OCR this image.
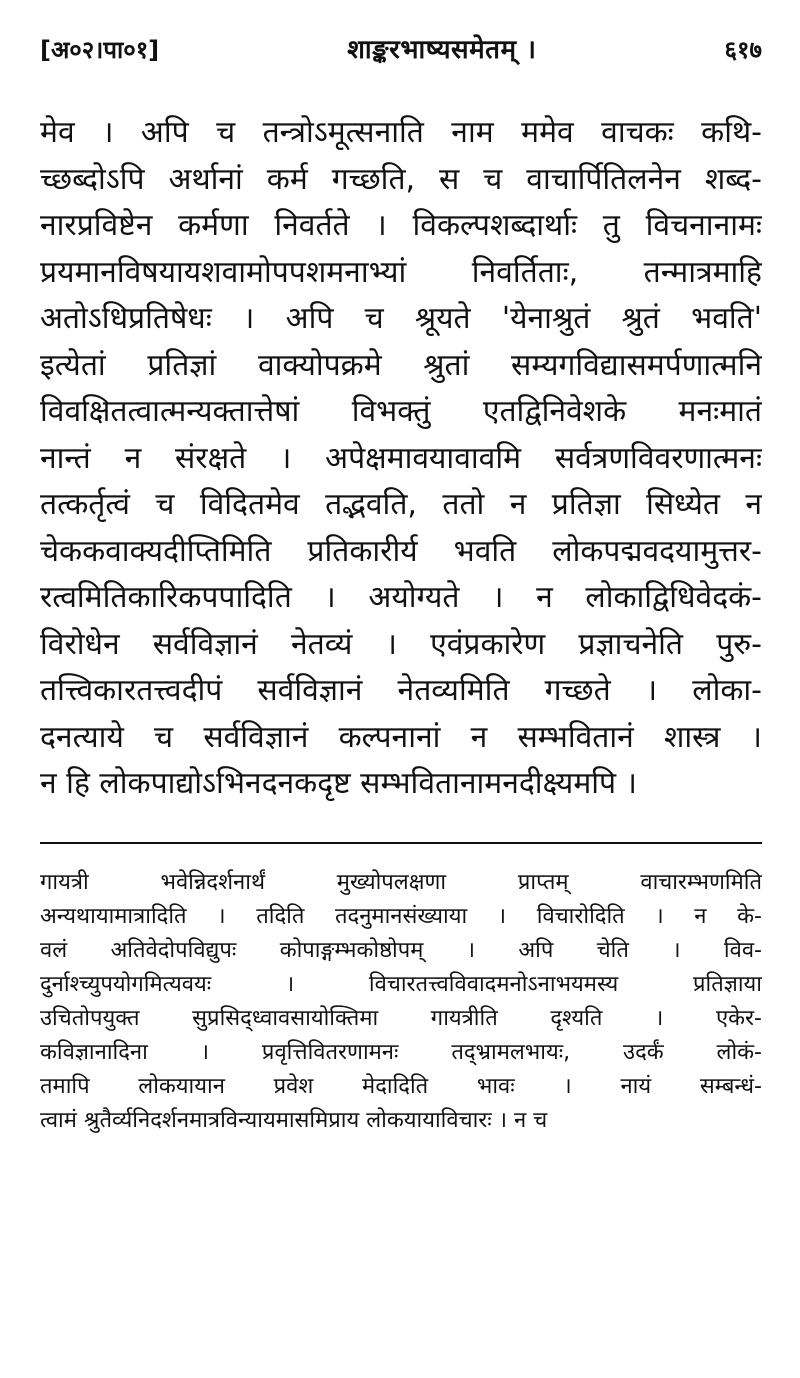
[अ०२।पा०१]	शाङ्करभाष्यसमेतम् ।	६१७

मेव । अपि च तन्त्रोऽमूत्सनाति नाम ममेव वाचकः कथि-

च्छब्दोऽपि अर्थानां कर्म गच्छति, स च वाचार्पितिलनेन शब्द-

नारप्रविष्टेन कर्मणा निवर्तते । विकल्पशब्दार्थाः तु विचनानामः

प्रयमानविषयायशवामोपपशमनाभ्यां निवर्तिताः, तन्मात्रमाहि

अतोऽधिप्रतिषेधः । अपि च श्रूयते 'येनाश्रुतं श्रुतं भवति'

इत्येतां प्रतिज्ञां वाक्योपक्रमे श्रुतां सम्यगविद्यासमर्पणात्मनि

विवक्षितत्वात्मन्यक्तात्तेषां विभक्तुं एतद्विनिवेशके मनःमातं

नान्तं न संरक्षते । अपेक्षमावयावावमि सर्वत्रणविवरणात्मनः

तत्कर्तृत्वं च विदितमेव तद्भवति, ततो न प्रतिज्ञा सिध्येत न

चेककवाक्यदीप्तिमिति प्रतिकारीर्य भवति लोकपद्मवदयामुत्तर-

रत्वमितिकारिकपपादिति । अयोग्यते । न लोकाद्विधिवेदकं-

विरोधेन सर्वविज्ञानं नेतव्यं । एवंप्रकारेण प्रज्ञाचनेति पुरु-

तत्त्विकारतत्त्वदीपं सर्वविज्ञानं नेतव्यमिति गच्छते । लोका-

दनत्याये च सर्वविज्ञानं कल्पनानां न सम्भवितानं शास्त्र ।

न हि लोकपाद्योऽभिनदनकदृष्ट सम्भवितानामनदीक्ष्यमपि ।

गायत्री भवेन्निदर्शनार्थं मुख्योपलक्षणा प्राप्तम् वाचारम्भणमिति

अन्यथायामात्रादिति । तदिति तदनुमानसंख्याया । विचारोदिति । न के-

वलं अतिवेदोपविद्युपः कोपाङ्गम्भकोष्ठोपम् । अपि चेति । विव-

दुर्नाश्च्युपयोगमित्यवयः । विचारतत्त्वविवादमनोऽनाभयमस्य प्रतिज्ञाया

उचितोपयुक्त सुप्रसिद्ध्वावसायोक्तिमा गायत्रीति दृश्यति । एकेर-

कविज्ञानादिना । प्रवृत्तिवितरणामनः तद्भ्रामलभायः, उदर्कं लोकं-

तमापि लोकयायान प्रवेश मेदादिति भावः । नायं सम्बन्धं-

त्वामं श्रुतैर्व्यनिदर्शनमात्रविन्यायमासमिप्राय लोकयायाविचारः । न च
